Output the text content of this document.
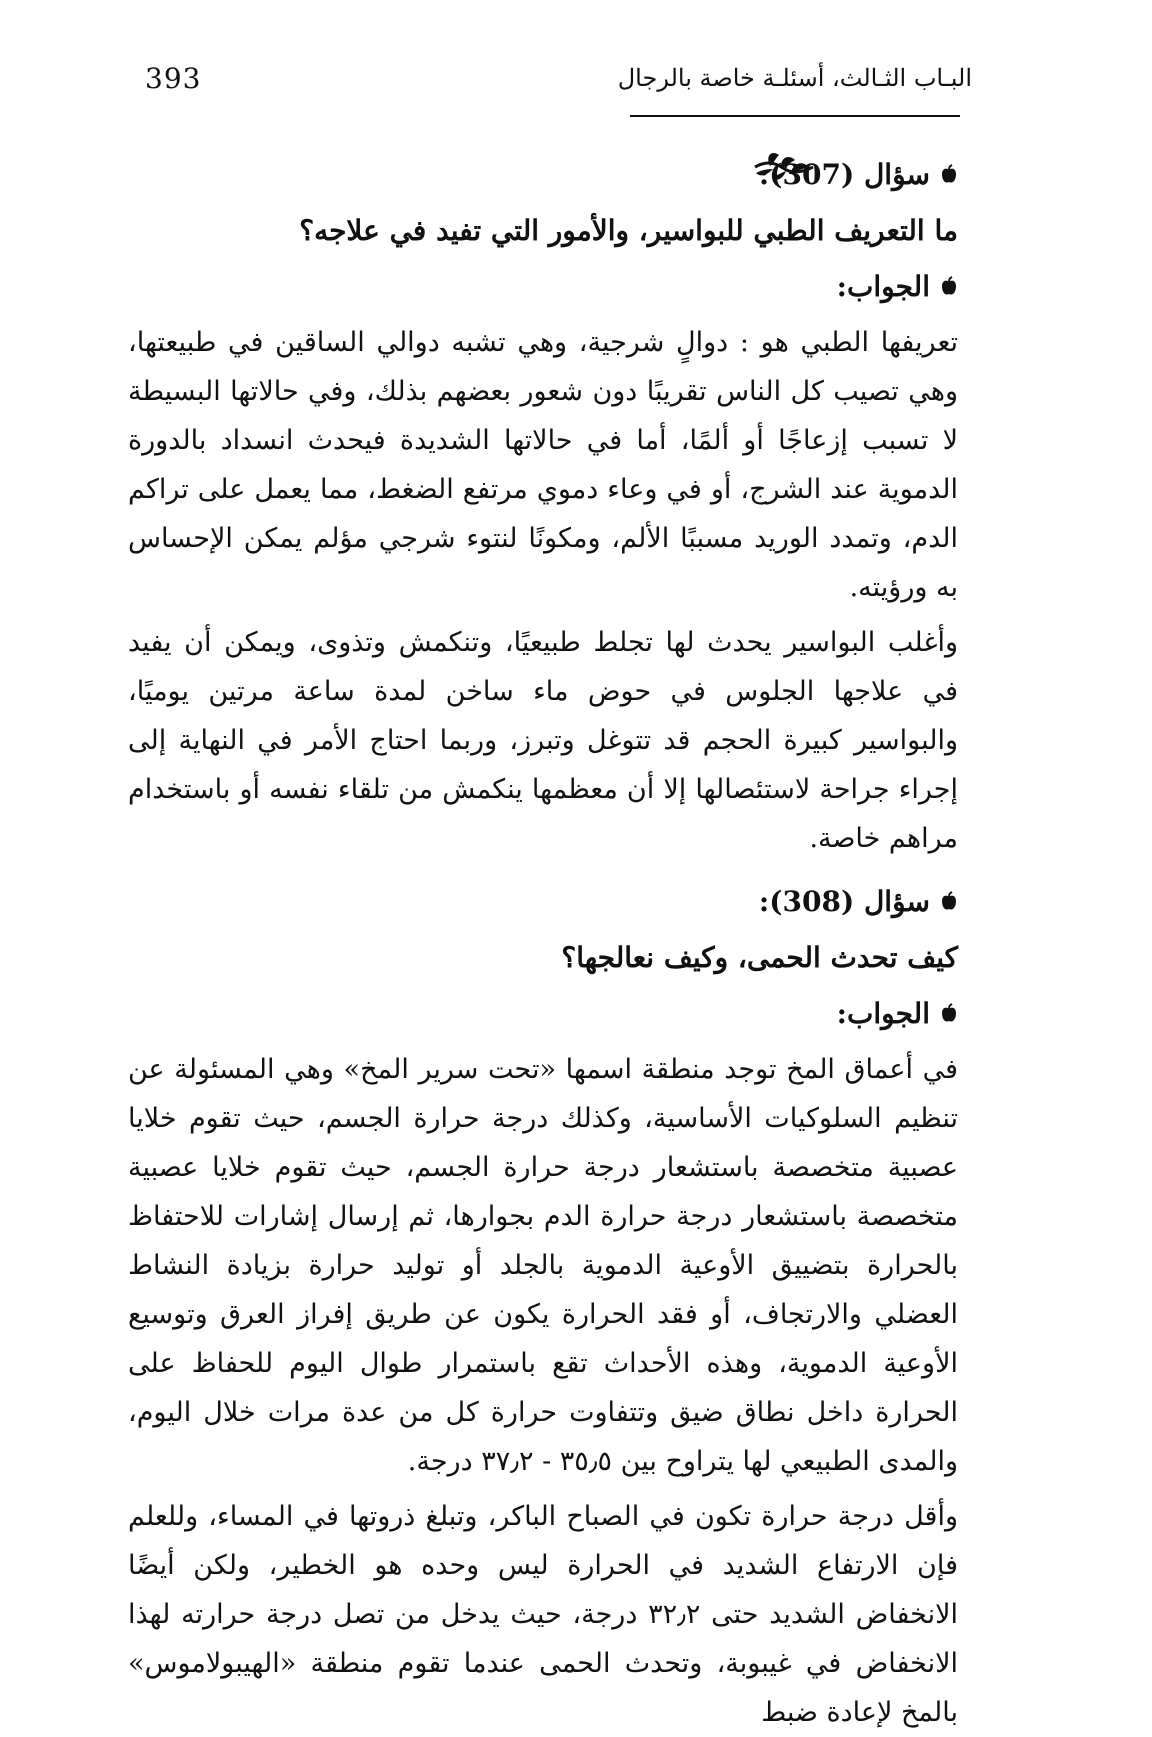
393	البـاب الثـالث، أسئلـة خاصة بالرجال
سؤال (307):

ما التعريف الطبي للبواسير، والأمور التي تفيد في علاجه؟

الجواب:

تعريفها الطبي هو : دوالٍ شرجية، وهي تشبه دوالي الساقين في طبيعتها، وهي تصيب كل الناس تقريبًا دون شعور بعضهم بذلك، وفي حالاتها البسيطة لا تسبب إزعاجًا أو ألمًا، أما في حالاتها الشديدة فيحدث انسداد بالدورة الدموية عند الشرج، أو في وعاء دموي مرتفع الضغط، مما يعمل على تراكم الدم، وتمدد الوريد مسببًا الألم، ومكونًا لنتوء شرجي مؤلم يمكن الإحساس به ورؤيته.

وأغلب البواسير يحدث لها تجلط طبيعيًا، وتنكمش وتذوى، ويمكن أن يفيد في علاجها الجلوس في حوض ماء ساخن لمدة ساعة مرتين يوميًا، والبواسير كبيرة الحجم قد تتوغل وتبرز، وربما احتاج الأمر في النهاية إلى إجراء جراحة لاستئصالها إلا أن معظمها ينكمش من تلقاء نفسه أو باستخدام مراهم خاصة.

سؤال (308):

كيف تحدث الحمى، وكيف نعالجها؟

الجواب:

في أعماق المخ توجد منطقة اسمها «تحت سرير المخ» وهي المسئولة عن تنظيم السلوكيات الأساسية، وكذلك درجة حرارة الجسم، حيث تقوم خلايا عصبية متخصصة باستشعار درجة حرارة الجسم، حيث تقوم خلايا عصبية متخصصة باستشعار درجة حرارة الدم بجوارها، ثم إرسال إشارات للاحتفاظ بالحرارة بتضييق الأوعية الدموية بالجلد أو توليد حرارة بزيادة النشاط العضلي والارتجاف، أو فقد الحرارة يكون عن طريق إفراز العرق وتوسيع الأوعية الدموية، وهذه الأحداث تقع باستمرار طوال اليوم للحفاظ على الحرارة داخل نطاق ضيق وتتفاوت حرارة كل من عدة مرات خلال اليوم، والمدى الطبيعي لها يتراوح بين ٣٥٫٥ - ٣٧٫٢ درجة.

وأقل درجة حرارة تكون في الصباح الباكر، وتبلغ ذروتها في المساء، وللعلم فإن الارتفاع الشديد في الحرارة ليس وحده هو الخطير، ولكن أيضًا الانخفاض الشديد حتى ٣٢٫٢ درجة، حيث يدخل من تصل درجة حرارته لهذا الانخفاض في غيبوبة، وتحدث الحمى عندما تقوم منطقة «الهيبولاموس» بالمخ لإعادة ضبط
